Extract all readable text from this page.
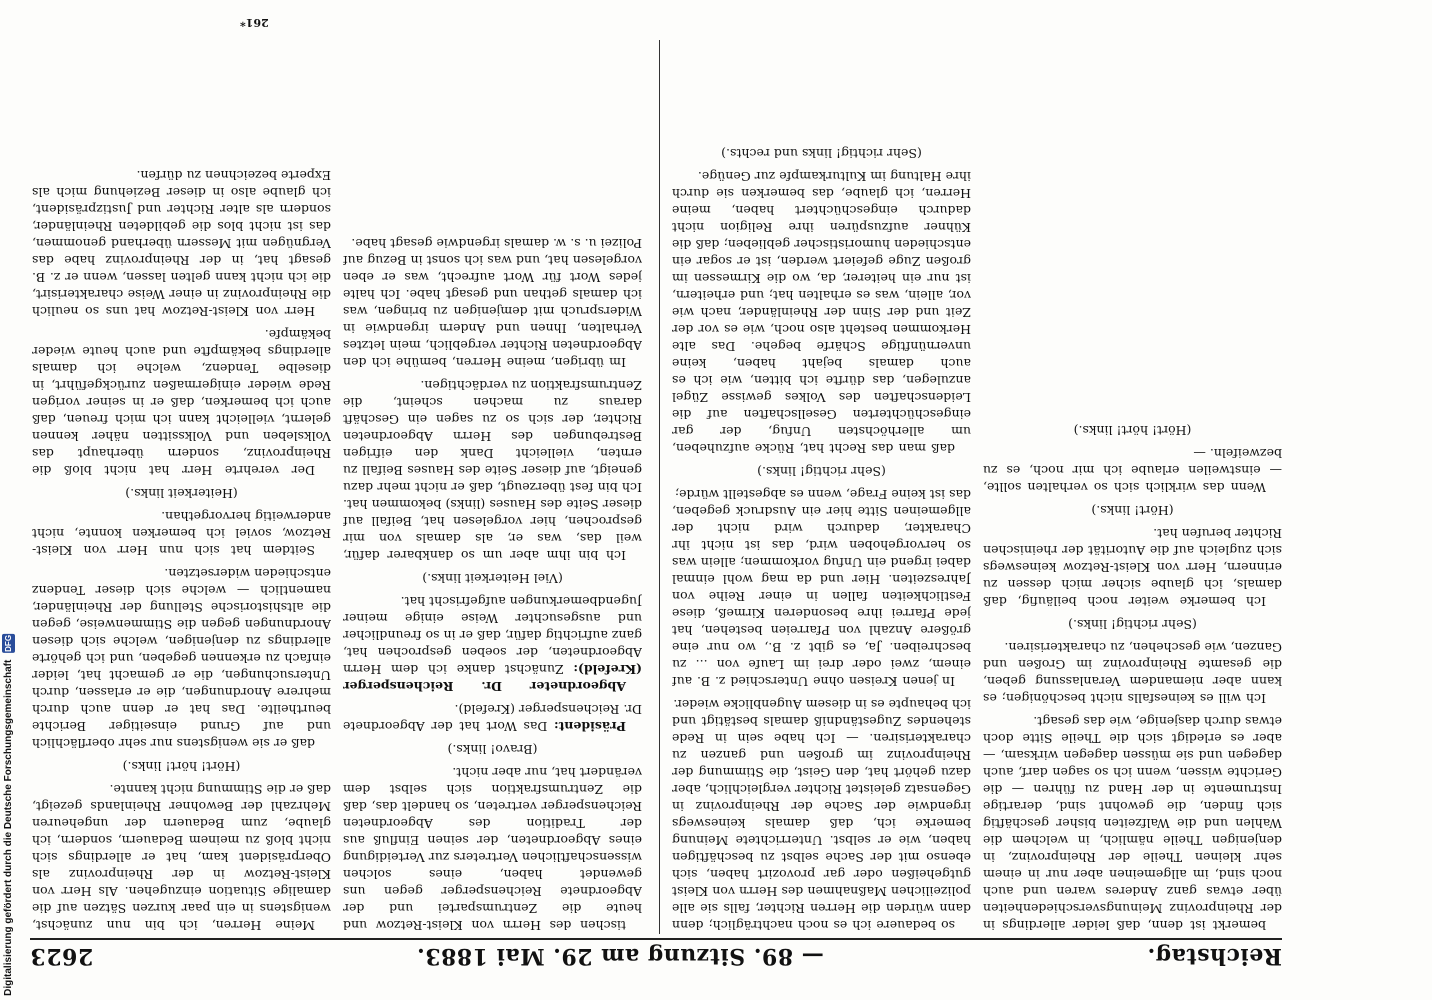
Digitalisierung gefördert durch die Deutsche Forschungsgemeinschaft DFG
Reichstag.
— 89. Sitzung am 29. Mai 1883.
2623

bemerkt ist denn, daß leider allerdings in der Rheinprovinz Meinungsverschiedenheiten über etwas ganz Anderes waren und auch noch sind, im allgemeinen aber nur in einem sehr kleinen Theile der Rheinprovinz, in denjenigen Theile nämlich, in welchem die Wahlen und die Walfzeiten bisher geschäftig sich finden, die gewohnt sind, derartige Instrumente in der Hand zu führen — die Gerichte wissen, wenn ich so sagen darf, auch dagegen und sie müssen dagegen wirksam, — aber es erledigt sich die Theile Sitte doch etwas durch dasjenige, wie das gesagt.

Ich will es keinesfalls nicht beschönigen; es kann aber niemandem Veranlassung geben, die gesamte Rheinprovinz im Großen und Ganzen, wie geschehen, zu charakterisiren.

(Sehr richtig! links.)

Ich bemerke weiter noch beiläufig, daß damals, ich glaube sicher mich dessen zu erinnern, Herr von Kleist-Retzow keineswegs sich zugleich auf die Autorität der rheinischen Richter berufen hat.

(Hört! links.)

Wenn das wirklich sich so verhalten sollte, — einstweilen erlaube ich mir noch, es zu bezweifeln. —

(Hört! hört! links.)

so bedauere ich es noch nachträglich; denn dann würden die Herren Richter, falls sie alle polizeilichen Maßnahmen des Herrn von Kleist gutgeheißen oder gar provozirt haben, sich ebenso mit der Sache selbst zu beschäftigen haben, wie er selbst. Unterrichtete Meinung bemerke ich, daß damals keineswegs irgendwie der Sache der Rheinprovinz in Gegensatz geleistet Richter vergleichlich, aber dazu gehört hat, den Geist, die Stimmung der Rheinprovinz im großen und ganzen zu charakterisiren. — Ich habe sein in Rede stehendes Zugeständniß damals bestätigt und ich behaupte es in diesem Augenblicke wieder.

In jenen Kreisen ohne Unterschied z. B. auf einem, zwei oder drei im Laufe von ... zu beschreiben. Ja, es gibt z. B., wo nur eine größere Anzahl von Pfarreien bestehen, hat jede Pfarrei ihre besonderen Kirmeß, diese Festlichkeiten fallen in einer Reihe von Jahreszeiten. Hier und da mag wohl einmal dabei irgend ein Unfug vorkommen; allein was so hervorgehoben wird, das ist nicht ihr Charakter, dadurch wird nicht der allgemeinen Sitte hier ein Ausdruck gegeben, das ist keine Frage, wenn es abgestellt würde;

(Sehr richtig! links.)

daß man das Recht hat, Rücke aufzuheben, um allerhöchsten Unfug, der gar eingeschüchterten Gesellschaften auf die Leidenschaften des Volkes gewisse Zügel anzulegen, das dürfte ich bitten, wie ich es auch damals bejaht haben, keine unvernünftige Schärfe begehe. Das alte Herkommen besteht also noch, wie es vor der Zeit und der Sinn der Rheinländer, nach wie vor, allein, was es erhalten hat; und erheitern, ist nur ein heiterer, da, wo die Kirmessen im großen Zuge gefeiert werden, ist er sogar ein entschieden humoristischer geblieben; daß die Kühner aufzuspüren ihre Religion nicht dadurch eingeschüchtert haben, meine Herren, ich glaube, das bemerken sie durch ihre Haltung im Kulturkampfe zur Genüge.

(Sehr richtig! links und rechts.)

tischen des Herrn von Kleist-Retzow und heute die Zentrumspartei und der Abgeordnete Reichensperger gegen uns gewendet haben, eines solchen wissenschaftlichen Vertreters zur Verteidigung eines Abgeordneten, der seinen Einfluß aus der Tradition des Abgeordneten Reichensperger vertreten, so handelt das, daß die Zentrumsfraktion sich selbst dem verändert hat, nur aber nicht.

(Bravo! links.)

Präsident: Das Wort hat der Abgeordnete Dr. Reichensperger (Krefeld).

Abgeordneter Dr. Reichensperger (Krefeld): Zunächst danke ich dem Herrn Abgeordneten, der soeben gesprochen hat, ganz aufrichtig dafür, daß er in so freundlicher und ausgesuchter Weise einige meiner Jugendbemerkungen aufgefrischt hat.

(Viel Heiterkeit links.)

Ich bin ihm aber um so dankbarer dafür, weil das, was er, als damals von mir gesprochen, hier vorgelesen hat, Beifall auf dieser Seite des Hauses (links) bekommen hat. Ich bin fest überzeugt, daß er nicht mehr dazu geneigt, auf dieser Seite des Hauses Beifall zu ernten, vielleicht Dank den eifrigen Bestrebungen des Herrn Abgeordneten Richter, der sich so zu sagen ein Geschäft daraus zu machen scheint, die Zentrumsfraktion zu verdächtigen.

Im übrigen, meine Herren, bemühe ich den Abgeordneten Richter vergeblich, mein letztes Verhalten, Ihnen und Andern irgendwie in Widerspruch mit demjenigen zu bringen, was ich damals gethan und gesagt habe. Ich halte jedes Wort für Wort aufrecht, was er eben vorgelesen hat, und was ich sonst in Bezug auf Polizei u. s. w. damals irgendwie gesagt habe.

Meine Herren, ich bin nun zunächst, wenigstens in ein paar kurzen Sätzen auf die damalige Situation einzugehen. Als Herr von Kleist-Retzow in der Rheinprovinz als Oberpräsident kam, hat er allerdings sich nicht bloß zu meinem Bedauern, sondern, ich glaube, zum Bedauern der ungeheuren Mehrzahl der Bewohner Rheinlands gezeigt, daß er die Stimmung nicht kannte.

(Hört! hört! links.)

daß er sie wenigstens nur sehr oberflächlich und auf Grund einseitiger Berichte beurtheilte. Das hat er denn auch durch mehrere Anordnungen, die er erlassen, durch Untersuchungen, die er gemacht hat, leider einfach zu erkennen gegeben, und ich gehörte allerdings zu denjenigen, welche sich diesen Anordnungen gegen die Stimmenweise, gegen die altshistorische Stellung der Rheinländer, namentlich — welche sich dieser Tendenz entschieden widersetzten.

Seitdem hat sich nun Herr von Kleist-Retzow, soviel ich bemerken konnte, nicht anderweitig hervorgethan.

(Heiterkeit links.)

Der verehrte Herr hat nicht bloß die Rheinprovinz, sondern überhaupt das Volksleben und Volkssitten näher kennen gelernt, vielleicht kann ich mich freuen, daß auch ich bemerken, daß er in seiner vorigen Rede wieder einigermaßen zurückgeführt, in dieselbe Tendenz, welche ich damals allerdings bekämpfte und auch heute wieder bekämpfe.

Herr von Kleist-Retzow hat uns so neulich die Rheinprovinz in einer Weise charakterisirt, die ich nicht kann gelten lassen, wenn er z. B. gesagt hat, in der Rheinprovinz habe das Vergnügen mit Messern überhand genommen, das ist nicht blos die gebildeten Rheinländer, sondern als alter Richter und Justizpräsident, ich glaube also in dieser Beziehung mich als Experte bezeichnen zu dürfen.

261*
